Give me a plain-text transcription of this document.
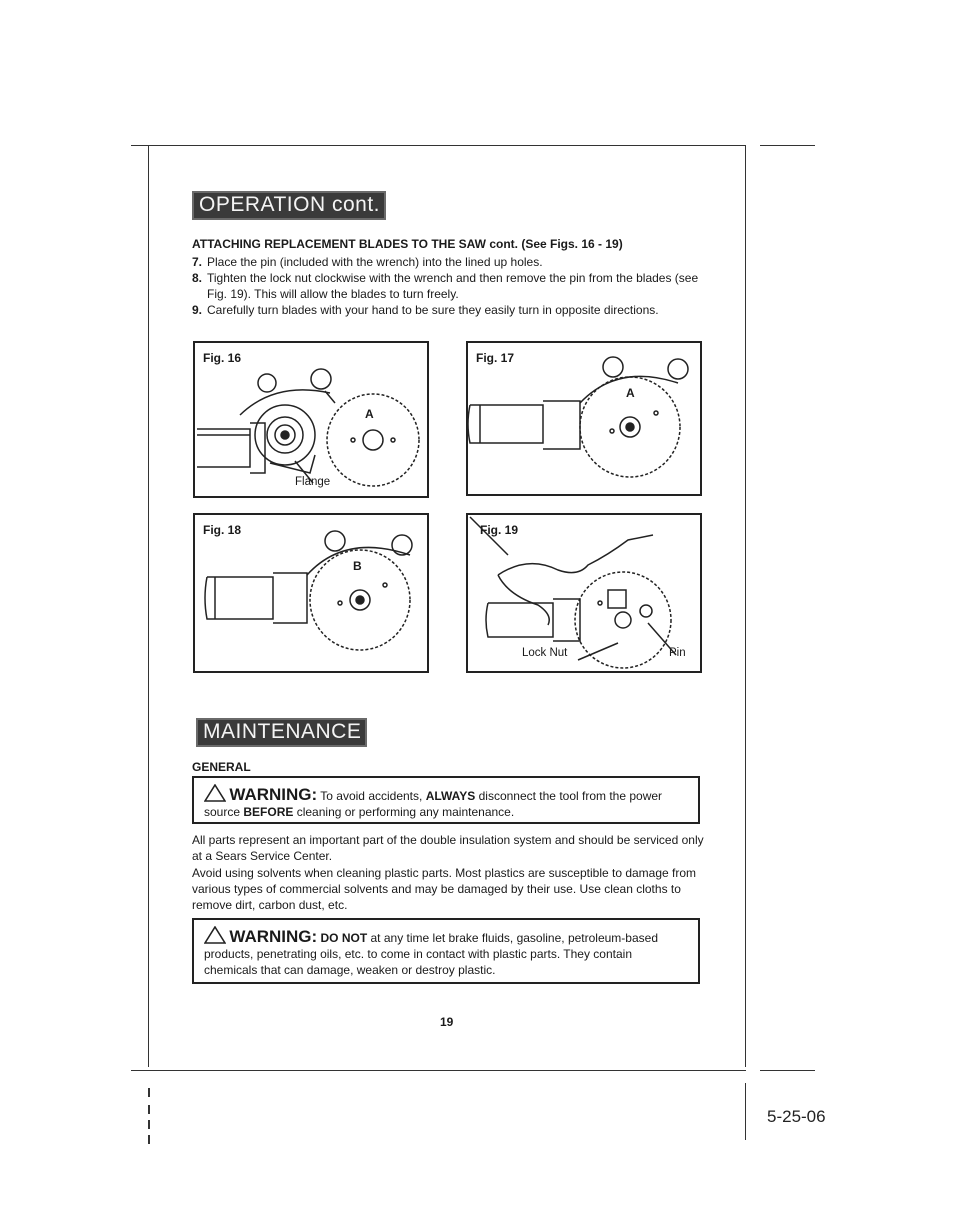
OPERATION cont.
ATTACHING REPLACEMENT BLADES TO THE SAW cont. (See Figs. 16 - 19)
7. Place the pin (included with the wrench) into the lined up holes.
8. Tighten the lock nut clockwise with the wrench and then remove the pin from the blades (see Fig. 19). This will allow the blades to turn freely.
9. Carefully turn blades with your hand to be sure they easily turn in opposite directions.
Fig. 16
A
Flange
Fig. 17
A
Fig. 18
B
Fig. 19
Lock Nut	Pin
MAINTENANCE
GENERAL
WARNING: To avoid accidents, ALWAYS disconnect the tool from the power source BEFORE cleaning or performing any maintenance.

All parts represent an important part of the double insulation system and should be serviced only at a Sears Service Center.

Avoid using solvents when cleaning plastic parts. Most plastics are susceptible to damage from various types of commercial solvents and may be damaged by their use. Use clean cloths to remove dirt, carbon dust, etc.

WARNING: DO NOT at any time let brake fluids, gasoline, petroleum-based products, penetrating oils, etc. to come in contact with plastic parts. They contain chemicals that can damage, weaken or destroy plastic.
19
5-25-06
